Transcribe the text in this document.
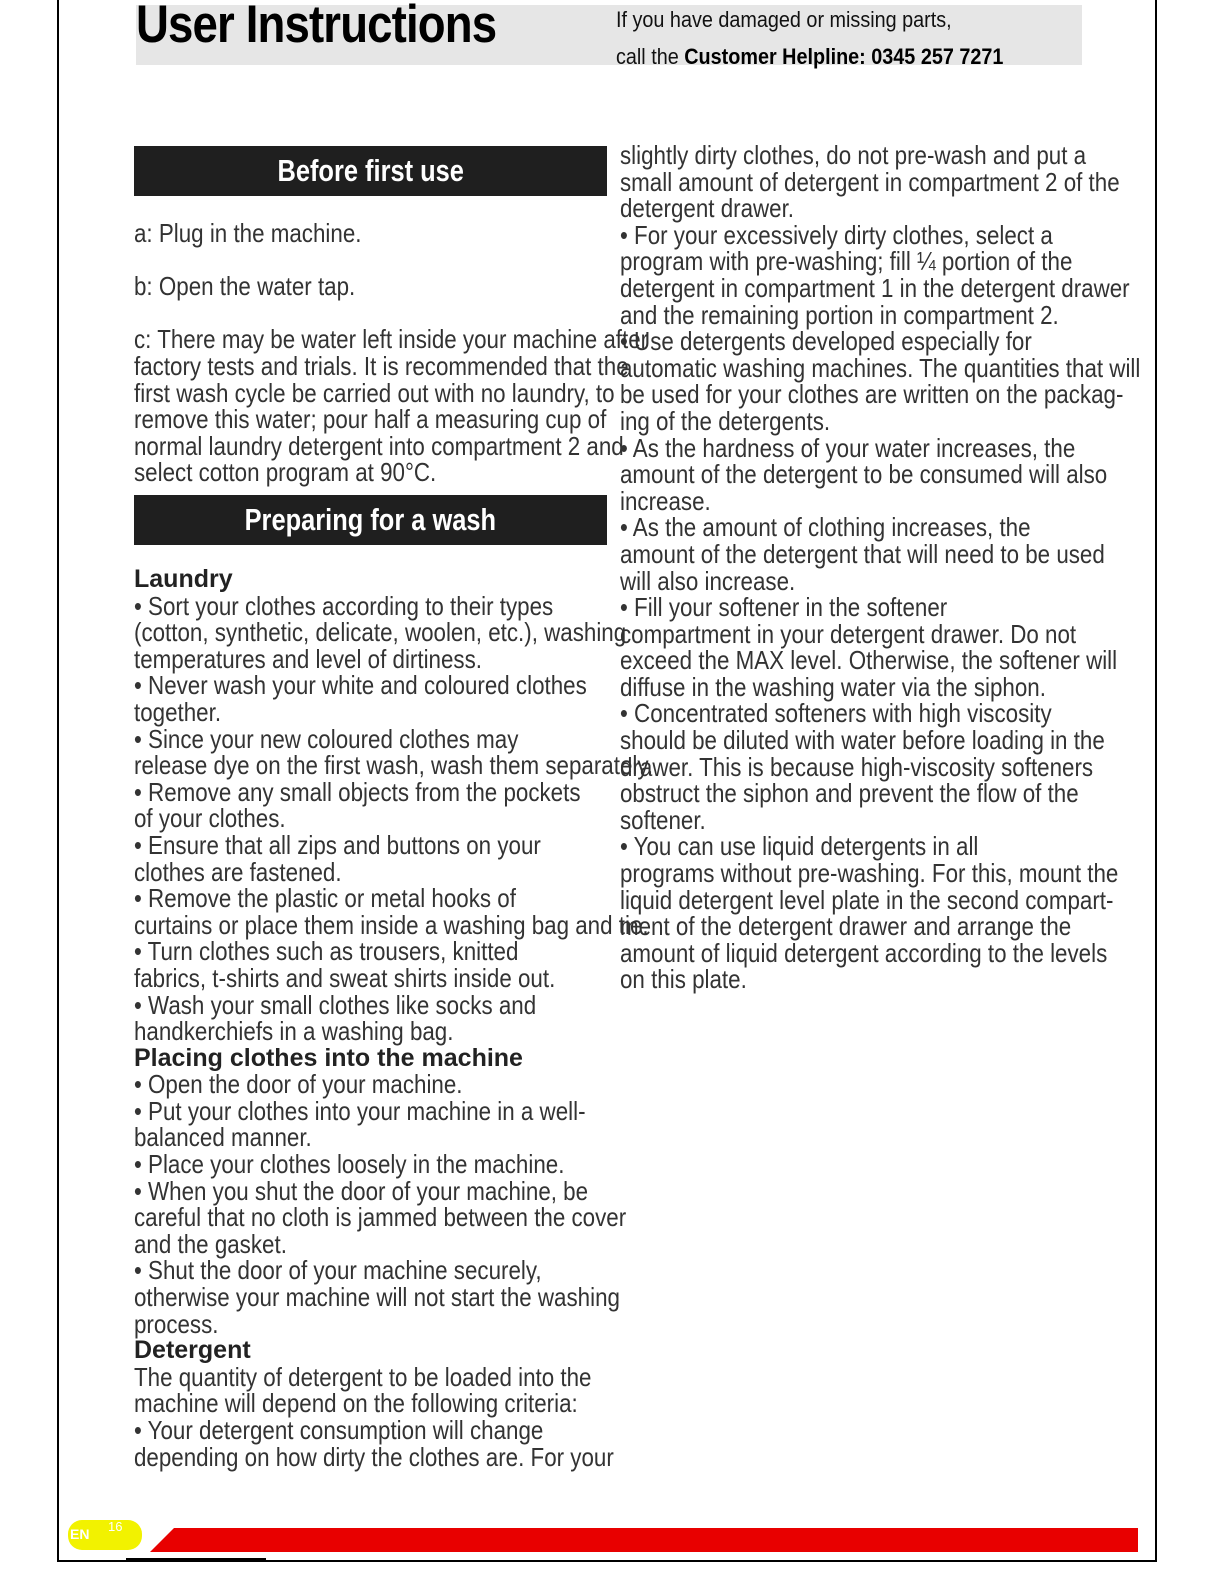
User Instructions	If you have damaged or missing parts,
call the Customer Helpline: 0345 257 7271
Before first use

a: Plug in the machine.

b: Open the water tap.

c: There may be water left inside your machine after

factory tests and trials. It is recommended that the

first wash cycle be carried out with no laundry, to

remove this water; pour half a measuring cup of

normal laundry detergent into compartment 2 and

select cotton program at 90°C.

Preparing for a wash
Laundry

• Sort your clothes according to their types

(cotton, synthetic, delicate, woolen, etc.), washing

temperatures and level of dirtiness.

• Never wash your white and coloured clothes

together.

• Since your new coloured clothes may

release dye on the first wash, wash them separately.

• Remove any small objects from the pockets

of your clothes.

• Ensure that all zips and buttons on your

clothes are fastened.

• Remove the plastic or metal hooks of

curtains or place them inside a washing bag and tie.

• Turn clothes such as trousers, knitted

fabrics, t-shirts and sweat shirts inside out.

• Wash your small clothes like socks and

handkerchiefs in a washing bag.

Placing clothes into the machine

• Open the door of your machine.

• Put your clothes into your machine in a well-

balanced manner.

• Place your clothes loosely in the machine.

• When you shut the door of your machine, be

careful that no cloth is jammed between the cover

and the gasket.

• Shut the door of your machine securely,

otherwise your machine will not start the washing

process.

Detergent

The quantity of detergent to be loaded into the

machine will depend on the following criteria:

• Your detergent consumption will change

depending on how dirty the clothes are. For your

slightly dirty clothes, do not pre-wash and put a

small amount of detergent in compartment 2 of the

detergent drawer.

• For your excessively dirty clothes, select a

program with pre-washing; fill ¼ portion of the

detergent in compartment 1 in the detergent drawer

and the remaining portion in compartment 2.

• Use detergents developed especially for

automatic washing machines. The quantities that will

be used for your clothes are written on the packag-

ing of the detergents.

• As the hardness of your water increases, the

amount of the detergent to be consumed will also

increase.

• As the amount of clothing increases, the

amount of the detergent that will need to be used

will also increase.

• Fill your softener in the softener

compartment in your detergent drawer. Do not

exceed the MAX level. Otherwise, the softener will

diffuse in the washing water via the siphon.

• Concentrated softeners with high viscosity

should be diluted with water before loading in the

drawer. This is because high-viscosity softeners

obstruct the siphon and prevent the flow of the

softener.

• You can use liquid detergents in all

programs without pre-washing. For this, mount the

liquid detergent level plate in the second compart-

ment of the detergent drawer and arrange the

amount of liquid detergent according to the levels

on this plate.

EN 16
